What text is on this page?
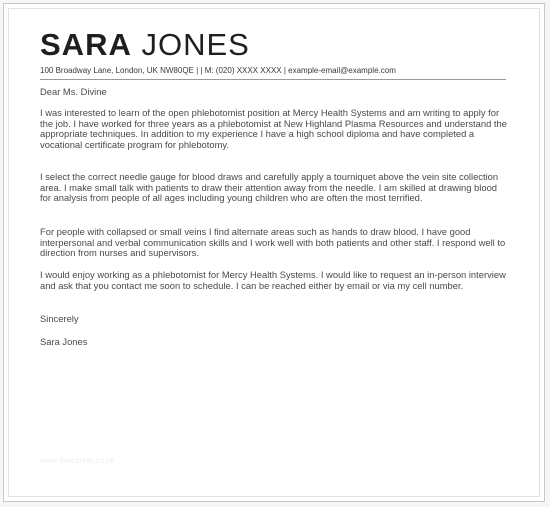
SARA JONES
100 Broadway Lane, London, UK NW80QE | | M: (020) XXXX XXXX | example-email@example.com

Dear Ms. Divine

I was interested to learn of the open phlebotomist position at Mercy Health Systems and am writing to apply for the job. I have worked for three years as a phlebotomist at New Highland Plasma Resources and understand the appropriate techniques. In addition to my experience I have a high school diploma and have completed a vocational certificate program for phlebotomy.

I select the correct needle gauge for blood draws and carefully apply a tourniquet above the vein site collection area. I make small talk with patients to draw their attention away from the needle. I am skilled at drawing blood for analysis from people of all ages including young children who are often the most terrified.

For people with collapsed or small veins I find alternate areas such as hands to draw blood. I have good interpersonal and verbal communication skills and I work well with both patients and other staff. I respond well to direction from nurses and supervisors.

I would enjoy working as a phlebotomist for Mercy Health Systems. I would like to request an in-person interview and ask that you contact me soon to schedule. I can be reached either by email or via my cell number.

Sincerely

Sara Jones

www.livecareer.co.uk
